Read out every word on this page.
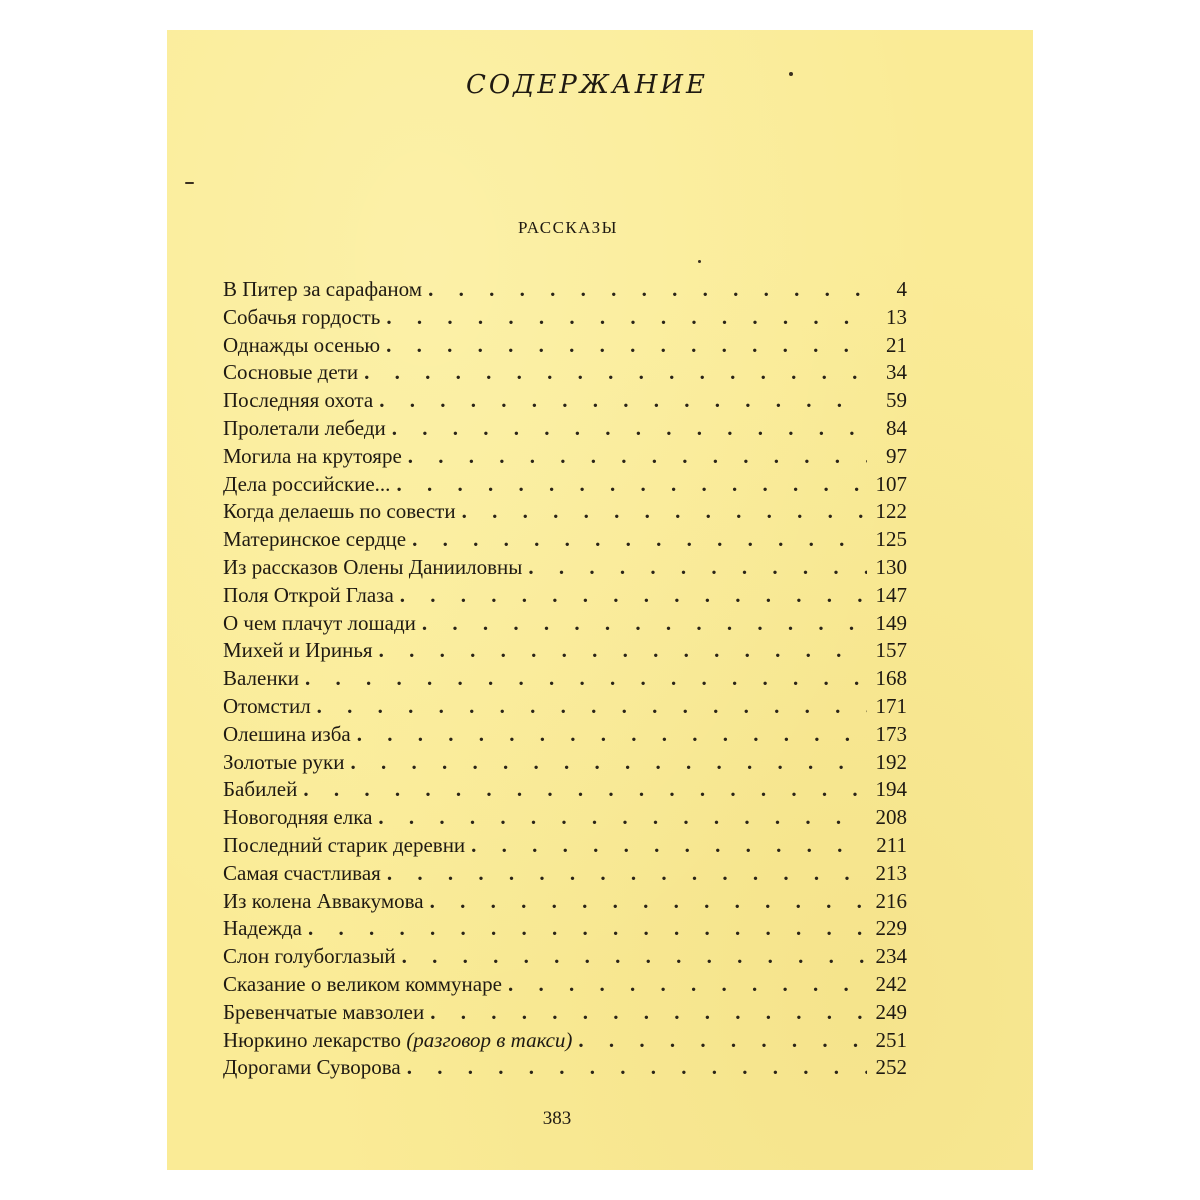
СОДЕРЖАНИЕ
РАССКАЗЫ
В Питер за сарафаном . . .	4
Собачья гордость . . .	13
Однажды осенью . . .	21
Сосновые дети . . .	34
Последняя охота . . .	59
Пролетали лебеди . . .	84
Могила на крутояре . . .	97
Дела российские... . . .	107
Когда делаешь по совести . . .	122
Материнское сердце . . .	125
Из рассказов Олены Данииловны . . .	130
Поля Открой Глаза . . .	147
О чем плачут лошади . . .	149
Михей и Иринья . . .	157
Валенки . . .	168
Отомстил . . .	171
Олешина изба . . .	173
Золотые руки . . .	192
Бабилей . . .	194
Новогодняя елка . . .	208
Последний старик деревни . . .	211
Самая счастливая . . .	213
Из колена Аввакумова . . .	216
Надежда . . .	229
Слон голубоглазый . . .	234
Сказание о великом коммунаре . . .	242
Бревенчатые мавзолеи . . .	249
Нюркино лекарство (разговор в такси) . . .	251
Дорогами Суворова . . .	252
383
